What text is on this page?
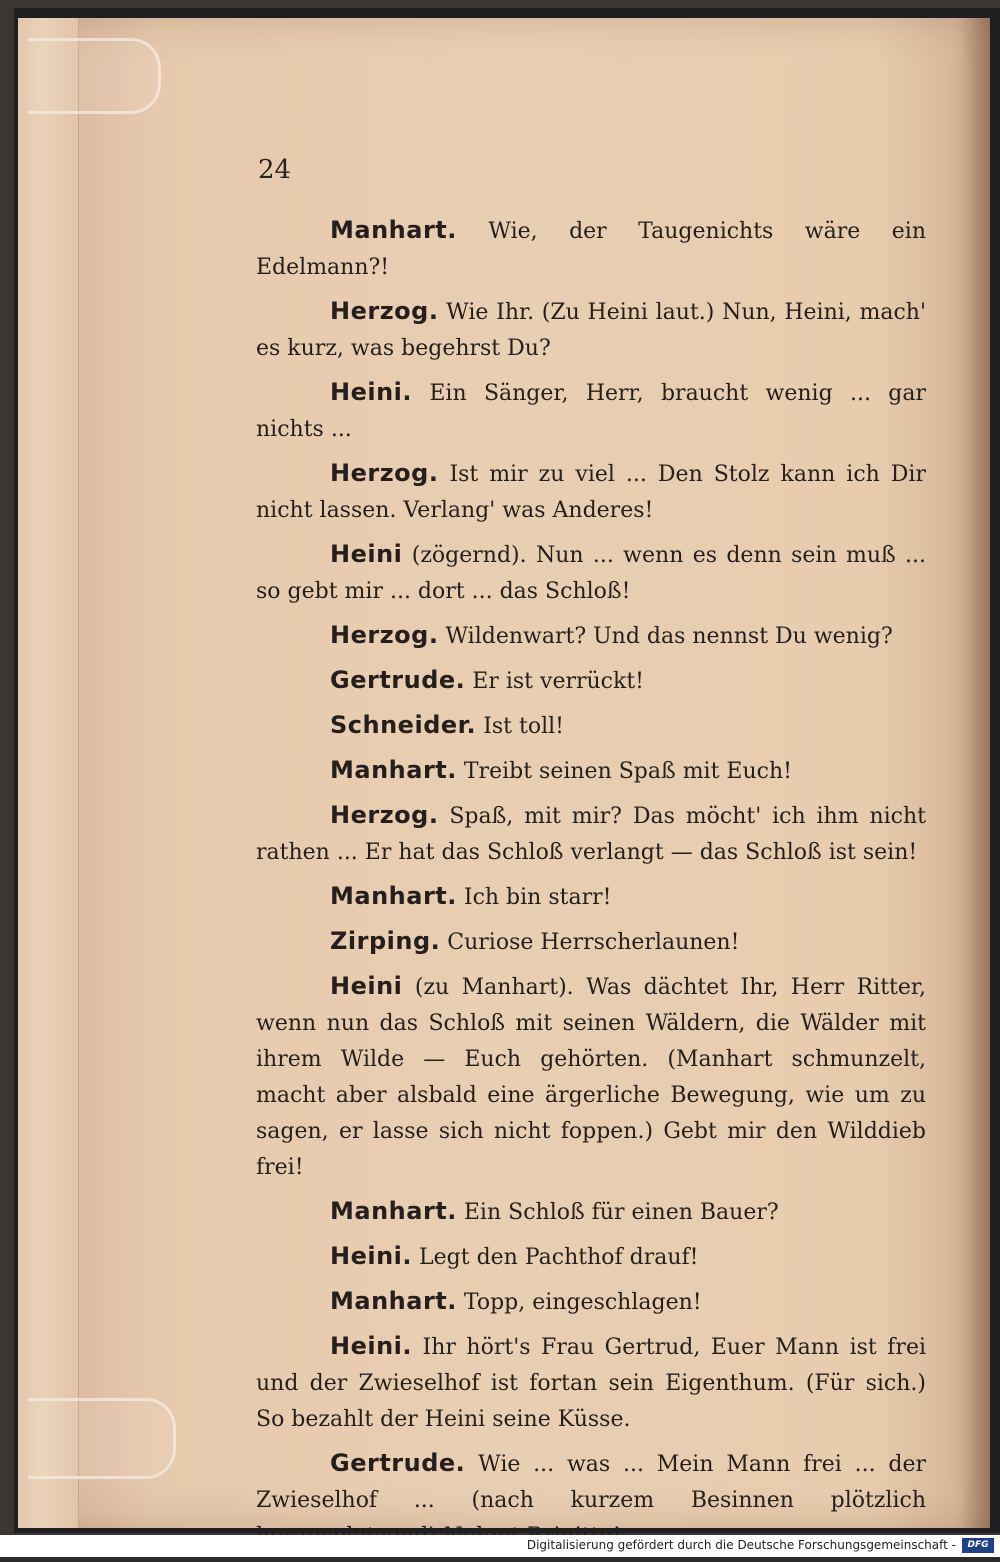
24

Manhart. Wie, der Taugenichts wäre ein Edelmann?!

Herzog. Wie Ihr. (Zu Heini laut.) Nun, Heini, mach' es kurz, was begehrst Du?

Heini. Ein Sänger, Herr, braucht wenig ... gar nichts ...

Herzog. Ist mir zu viel ... Den Stolz kann ich Dir nicht lassen. Verlang' was Anderes!

Heini (zögernd). Nun ... wenn es denn sein muß ... so gebt mir ... dort ... das Schloß!

Herzog. Wildenwart? Und das nennst Du wenig?

Gertrude. Er ist verrückt!

Schneider. Ist toll!

Manhart. Treibt seinen Spaß mit Euch!

Herzog. Spaß, mit mir? Das möcht' ich ihm nicht rathen ... Er hat das Schloß verlangt — das Schloß ist sein!

Manhart. Ich bin starr!

Zirping. Curiose Herrscherlaunen!

Heini (zu Manhart). Was dächtet Ihr, Herr Ritter, wenn nun das Schloß mit seinen Wäldern, die Wälder mit ihrem Wilde — Euch gehörten. (Manhart schmunzelt, macht aber alsbald eine ärgerliche Bewegung, wie um zu sagen, er lasse sich nicht foppen.) Gebt mir den Wilddieb frei!

Manhart. Ein Schloß für einen Bauer?

Heini. Legt den Pachthof drauf!

Manhart. Topp, eingeschlagen!

Heini. Ihr hört's Frau Gertrud, Euer Mann ist frei und der Zwieselhof ist fortan sein Eigenthum. (Für sich.) So bezahlt der Heini seine Küsse.

Gertrude. Wie ... was ... Mein Mann frei ... der Zwieselhof ... (nach kurzem Besinnen plötzlich

Digitalisierung gefördert durch die Deutsche Forschungsgemeinschaft -	DFG
